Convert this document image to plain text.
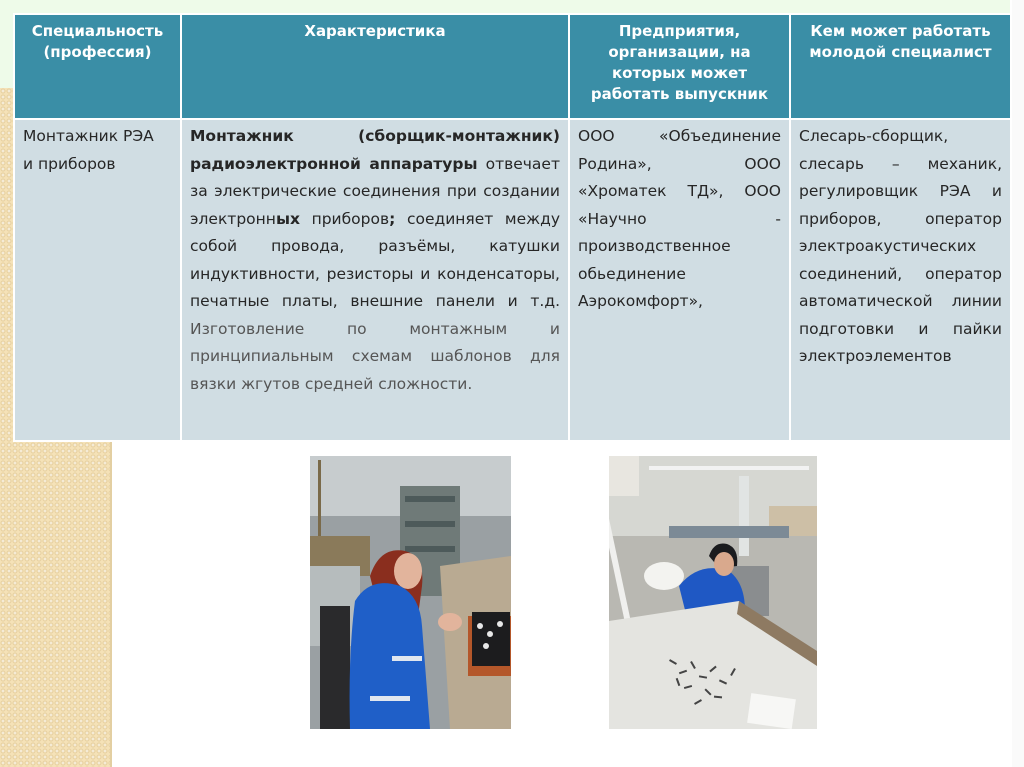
Специальность (профессия)	Характеристика	Предприятия, организации, на которых может работать выпускник	Кем может работать молодой специалист
Монтажник РЭА  и приборов	Монтажник (сборщик-монтажник) радиоэлектронной аппаратуры отвечает за электрические соединения при создании электронных приборов; соединяет между собой провода, разъёмы, катушки индуктивности, резисторы и конденсаторы, печатные платы, внешние панели и т.д. Изготовление по монтажным и принципиальным схемам шаблонов для вязки жгутов средней сложности.	ООО «Объединение Родина», ООО «Хроматек ТД», ООО «Научно - производственное обьединение Аэрокомфорт»,	Слесарь-сборщик, слесарь – механик, регулировщик РЭА и приборов, оператор электроакустических соединений, оператор автоматической линии подготовки и пайки электроэлементов
